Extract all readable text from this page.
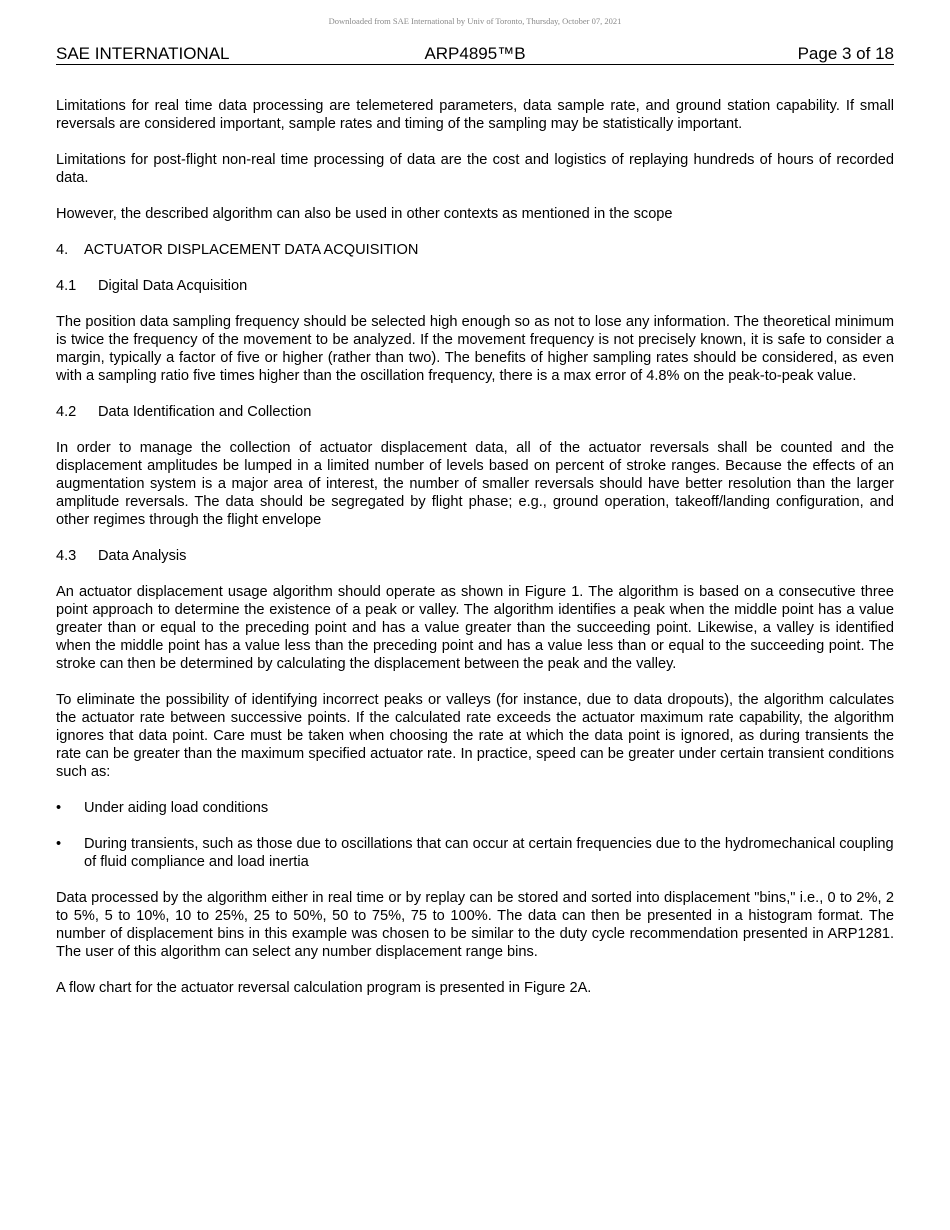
Downloaded from SAE International by Univ of Toronto, Thursday, October 07, 2021
SAE INTERNATIONAL	ARP4895™B	Page 3 of 18

Limitations for real time data processing are telemetered parameters, data sample rate, and ground station capability. If small reversals are considered important, sample rates and timing of the sampling may be statistically important.

Limitations for post-flight non-real time processing of data are the cost and logistics of replaying hundreds of hours of recorded data.

However, the described algorithm can also be used in other contexts as mentioned in the scope

4. ACTUATOR DISPLACEMENT DATA ACQUISITION
4.1 Digital Data Acquisition

The position data sampling frequency should be selected high enough so as not to lose any information. The theoretical minimum is twice the frequency of the movement to be analyzed. If the movement frequency is not precisely known, it is safe to consider a margin, typically a factor of five or higher (rather than two). The benefits of higher sampling rates should be considered, as even with a sampling ratio five times higher than the oscillation frequency, there is a max error of 4.8% on the peak-to-peak value.

4.2 Data Identification and Collection

In order to manage the collection of actuator displacement data, all of the actuator reversals shall be counted and the displacement amplitudes be lumped in a limited number of levels based on percent of stroke ranges. Because the effects of an augmentation system is a major area of interest, the number of smaller reversals should have better resolution than the larger amplitude reversals. The data should be segregated by flight phase; e.g., ground operation, takeoff/landing configuration, and other regimes through the flight envelope

4.3 Data Analysis

An actuator displacement usage algorithm should operate as shown in Figure 1. The algorithm is based on a consecutive three point approach to determine the existence of a peak or valley. The algorithm identifies a peak when the middle point has a value greater than or equal to the preceding point and has a value greater than the succeeding point. Likewise, a valley is identified when the middle point has a value less than the preceding point and has a value less than or equal to the succeeding point. The stroke can then be determined by calculating the displacement between the peak and the valley.

To eliminate the possibility of identifying incorrect peaks or valleys (for instance, due to data dropouts), the algorithm calculates the actuator rate between successive points. If the calculated rate exceeds the actuator maximum rate capability, the algorithm ignores that data point. Care must be taken when choosing the rate at which the data point is ignored, as during transients the rate can be greater than the maximum specified actuator rate. In practice, speed can be greater under certain transient conditions such as:

• Under aiding load conditions
• During transients, such as those due to oscillations that can occur at certain frequencies due to the hydromechanical coupling of fluid compliance and load inertia

Data processed by the algorithm either in real time or by replay can be stored and sorted into displacement "bins," i.e., 0 to 2%, 2 to 5%, 5 to 10%, 10 to 25%, 25 to 50%, 50 to 75%, 75 to 100%. The data can then be presented in a histogram format. The number of displacement bins in this example was chosen to be similar to the duty cycle recommendation presented in ARP1281. The user of this algorithm can select any number displacement range bins.

A flow chart for the actuator reversal calculation program is presented in Figure 2A.
